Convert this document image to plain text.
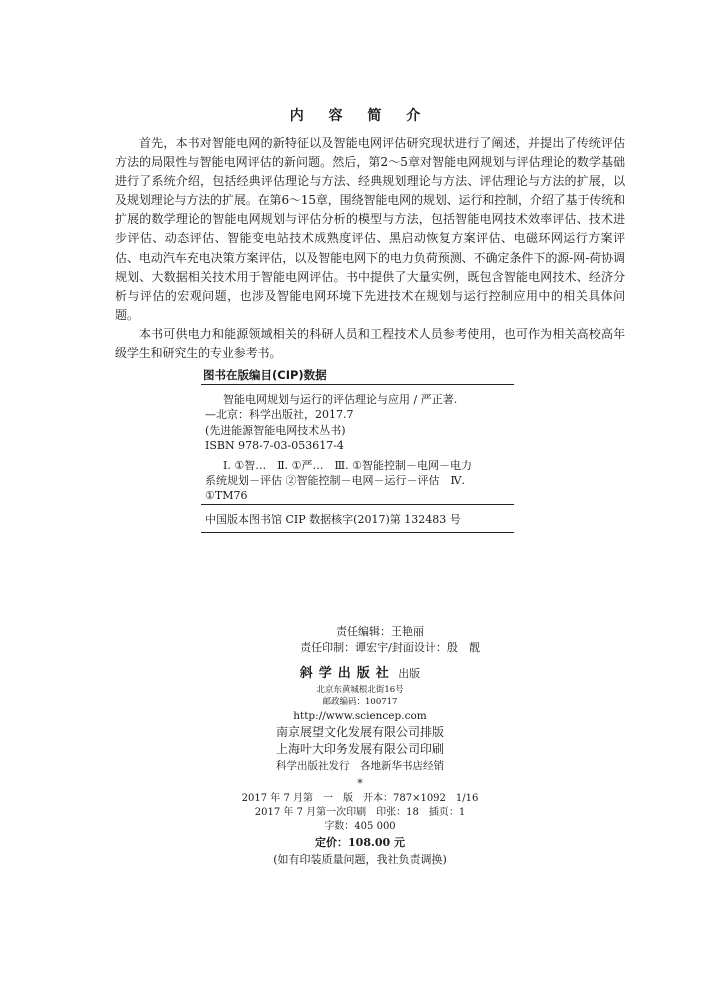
内 容 简 介

首先，本书对智能电网的新特征以及智能电网评估研究现状进行了阐述，并提出了传统评估方法的局限性与智能电网评估的新问题。然后，第2～5章对智能电网规划与评估理论的数学基础进行了系统介绍，包括经典评估理论与方法、经典规划理论与方法、评估理论与方法的扩展，以及规划理论与方法的扩展。在第6～15章，围绕智能电网的规划、运行和控制，介绍了基于传统和扩展的数学理论的智能电网规划与评估分析的模型与方法，包括智能电网技术效率评估、技术进步评估、动态评估、智能变电站技术成熟度评估、黑启动恢复方案评估、电磁环网运行方案评估、电动汽车充电决策方案评估，以及智能电网下的电力负荷预测、不确定条件下的源-网-荷协调规划、大数据相关技术用于智能电网评估。书中提供了大量实例，既包含智能电网技术、经济分析与评估的宏观问题，也涉及智能电网环境下先进技术在规划与运行控制应用中的相关具体问题。

本书可供电力和能源领域相关的科研人员和工程技术人员参考使用，也可作为相关高校高年级学生和研究生的专业参考书。

图书在版编目(CIP)数据
智能电网规划与运行的评估理论与应用 / 严正著.
—北京：科学出版社，2017.7
(先进能源智能电网技术丛书)
ISBN 978-7-03-053617-4
Ⅰ. ①智…　Ⅱ. ①严…　Ⅲ. ①智能控制－电网－电力
系统规划－评估 ②智能控制－电网－运行－评估　Ⅳ.
①TM76
中国版本图书馆 CIP 数据核字(2017)第 132483 号
责任编辑：王艳丽
责任印制：谭宏宇/封面设计：殷　靓
斜学出版社 出版
北京东黄城根北街16号
邮政编码：100717
http://www.sciencep.com
南京展望文化发展有限公司排版
上海叶大印务发展有限公司印刷
科学出版社发行　各地新华书店经销
*
2017 年 7 月第　一　版　开本：787×1092　1/16
2017 年 7 月第一次印刷　印张：18　插页：1
字数：405 000
定价：108.00 元
(如有印装质量问题，我社负责调换)
